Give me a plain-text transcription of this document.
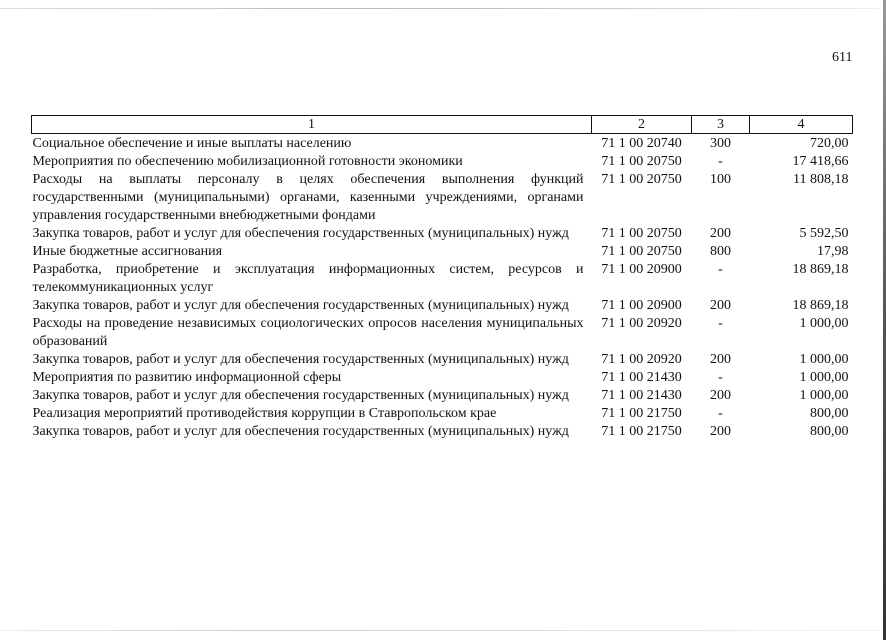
611
1	2	3	4
Социальное обеспечение и иные выплаты населению	71 1 00 20740	300	720,00
Мероприятия по обеспечению мобилизационной готовности экономики	71 1 00 20750	-	17 418,66
Расходы на выплаты персоналу в целях обеспечения выполнения функций государственными (муниципальными) органами, казенными учреждениями, органами управления государственными внебюджетными фондами	71 1 00 20750	100	11 808,18
Закупка товаров, работ и услуг для обеспечения государственных (муниципальных) нужд	71 1 00 20750	200	5 592,50
Иные бюджетные ассигнования	71 1 00 20750	800	17,98
Разработка, приобретение и эксплуатация информационных систем, ресурсов и телекоммуникационных услуг	71 1 00 20900	-	18 869,18
Закупка товаров, работ и услуг для обеспечения государственных (муниципальных) нужд	71 1 00 20900	200	18 869,18
Расходы на проведение независимых социологических опросов населения муниципальных образований	71 1 00 20920	-	1 000,00
Закупка товаров, работ и услуг для обеспечения государственных (муниципальных) нужд	71 1 00 20920	200	1 000,00
Мероприятия по развитию информационной сферы	71 1 00 21430	-	1 000,00
Закупка товаров, работ и услуг для обеспечения государственных (муниципальных) нужд	71 1 00 21430	200	1 000,00
Реализация мероприятий противодействия коррупции в Ставропольском крае	71 1 00 21750	-	800,00
Закупка товаров, работ и услуг для обеспечения государственных (муниципальных) нужд	71 1 00 21750	200	800,00
